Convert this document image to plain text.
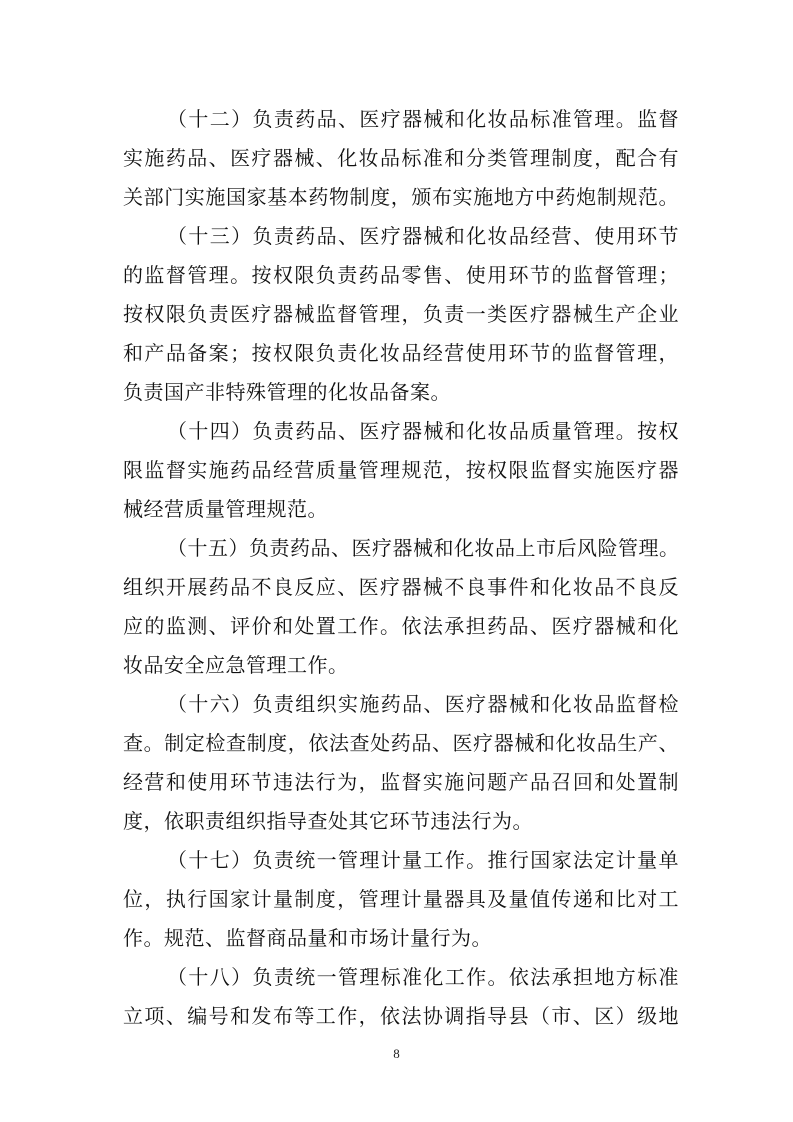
（十二）负责药品、医疗器械和化妆品标准管理。监督
实施药品、医疗器械、化妆品标准和分类管理制度，配合有
关部门实施国家基本药物制度，颁布实施地方中药炮制规范。
（十三）负责药品、医疗器械和化妆品经营、使用环节
的监督管理。按权限负责药品零售、使用环节的监督管理；
按权限负责医疗器械监督管理，负责一类医疗器械生产企业
和产品备案；按权限负责化妆品经营使用环节的监督管理，
负责国产非特殊管理的化妆品备案。
（十四）负责药品、医疗器械和化妆品质量管理。按权
限监督实施药品经营质量管理规范，按权限监督实施医疗器
械经营质量管理规范。
（十五）负责药品、医疗器械和化妆品上市后风险管理。
组织开展药品不良反应、医疗器械不良事件和化妆品不良反
应的监测、评价和处置工作。依法承担药品、医疗器械和化
妆品安全应急管理工作。
（十六）负责组织实施药品、医疗器械和化妆品监督检
查。制定检查制度，依法查处药品、医疗器械和化妆品生产、
经营和使用环节违法行为，监督实施问题产品召回和处置制
度，依职责组织指导查处其它环节违法行为。
（十七）负责统一管理计量工作。推行国家法定计量单
位，执行国家计量制度，管理计量器具及量值传递和比对工
作。规范、监督商品量和市场计量行为。
（十八）负责统一管理标准化工作。依法承担地方标准
立项、编号和发布等工作，依法协调指导县（市、区）级地
8
